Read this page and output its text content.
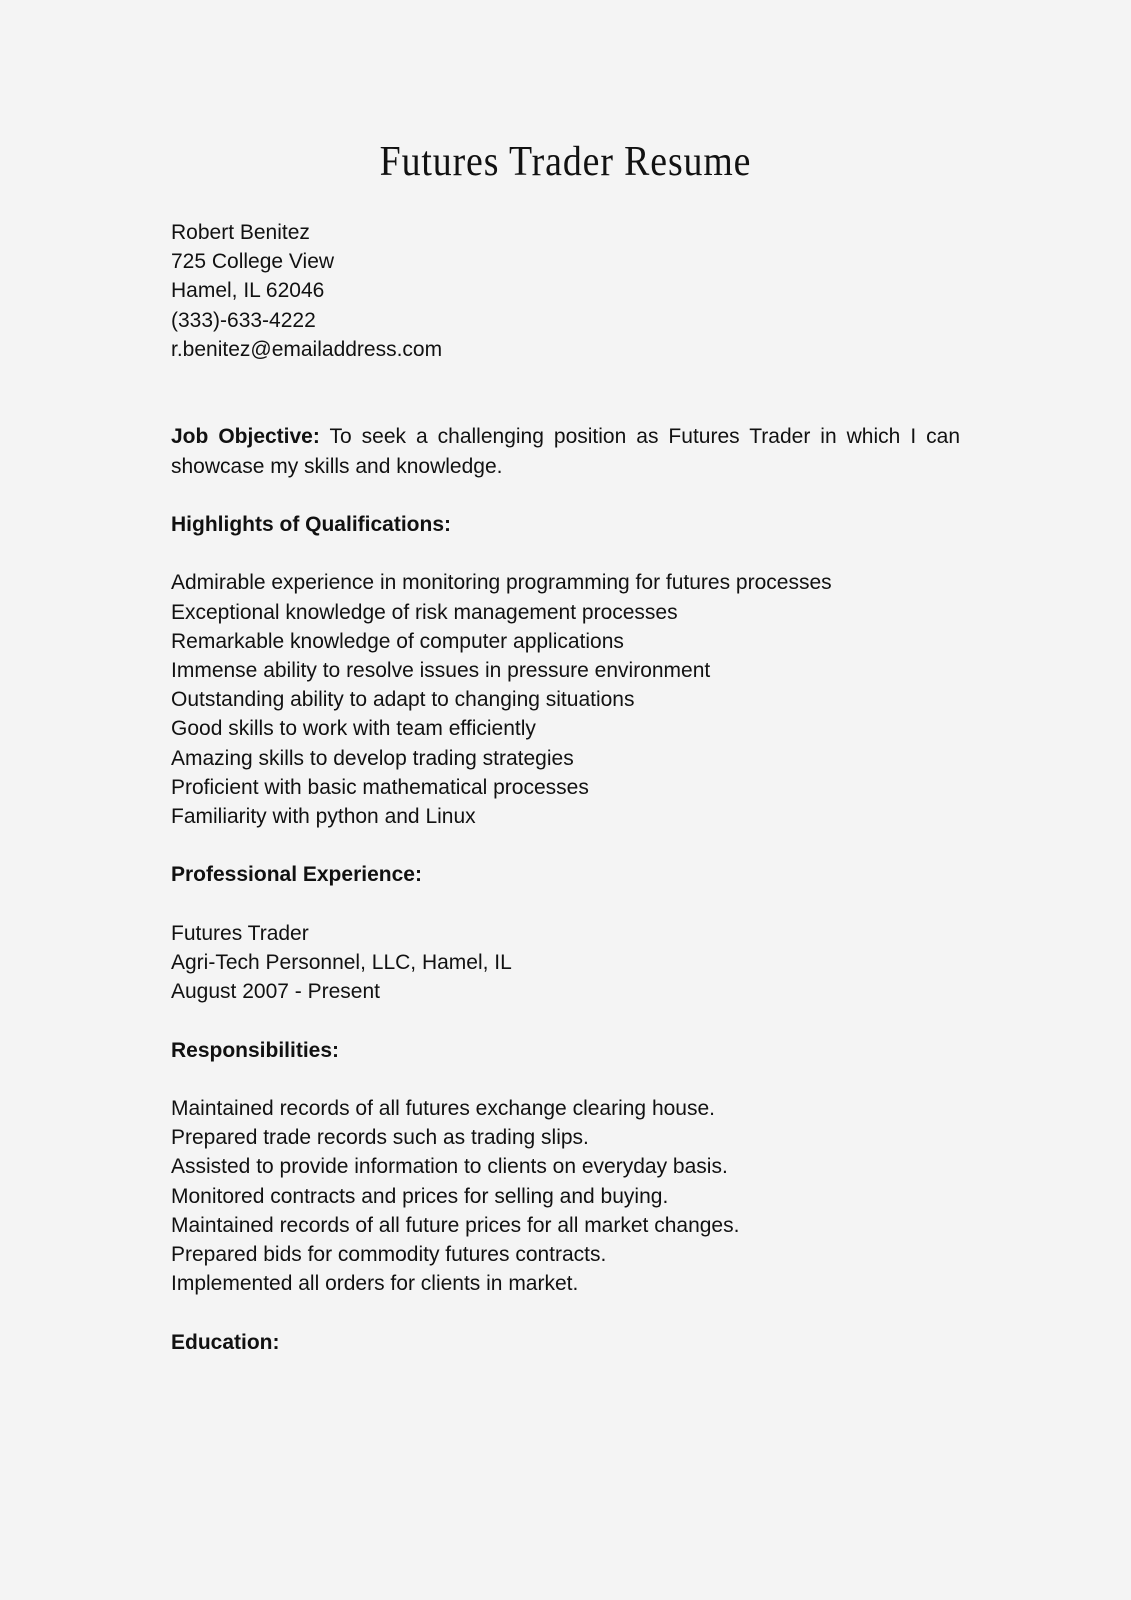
Futures Trader Resume
Robert Benitez
725 College View
Hamel, IL 62046
(333)-633-4222
r.benitez@emailaddress.com
Job Objective: To seek a challenging position as Futures Trader in which I can showcase my skills and knowledge.
Highlights of Qualifications:
Admirable experience in monitoring programming for futures processes
Exceptional knowledge of risk management processes
Remarkable knowledge of computer applications
Immense ability to resolve issues in pressure environment
Outstanding ability to adapt to changing situations
Good skills to work with team efficiently
Amazing skills to develop trading strategies
Proficient with basic mathematical processes
Familiarity with python and Linux
Professional Experience:
Futures Trader
Agri-Tech Personnel, LLC, Hamel, IL
August 2007 - Present
Responsibilities:
Maintained records of all futures exchange clearing house.
Prepared trade records such as trading slips.
Assisted to provide information to clients on everyday basis.
Monitored contracts and prices for selling and buying.
Maintained records of all future prices for all market changes.
Prepared bids for commodity futures contracts.
Implemented all orders for clients in market.
Education:
